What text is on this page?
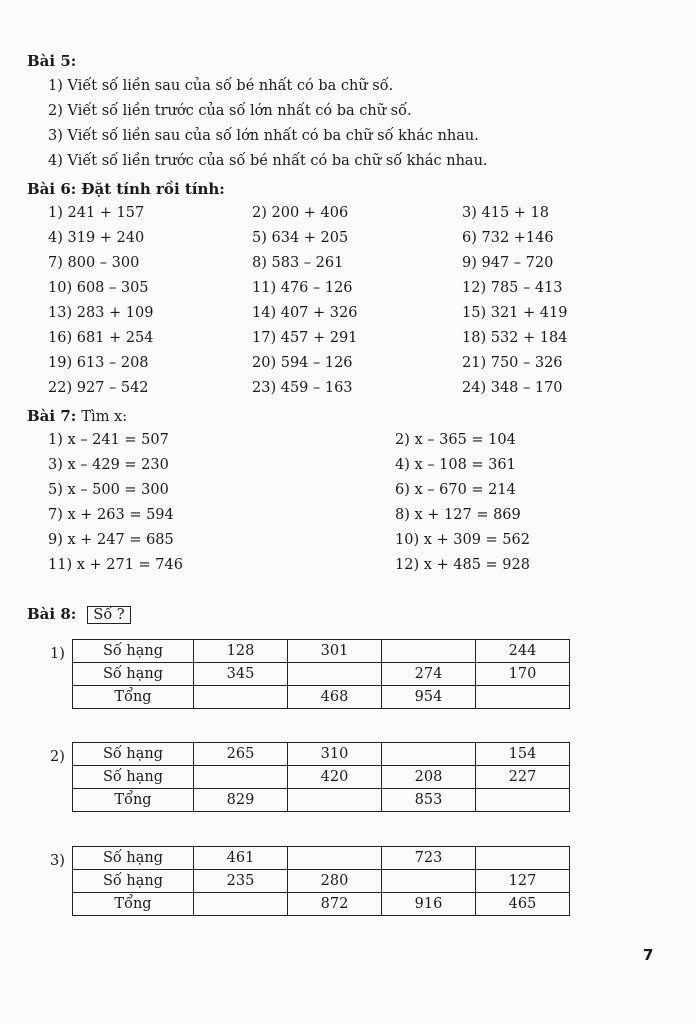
Bài 5:
1) Viết số liền sau của số bé nhất có ba chữ số.
2) Viết số liền trước của số lớn nhất có ba chữ số.
3) Viết số liền sau của số lớn nhất có ba chữ số khác nhau.
4) Viết số liền trước của số bé nhất có ba chữ số khác nhau.
Bài 6: Đặt tính rồi tính:
1) 241 + 157	2) 200 + 406	3) 415 + 18
4) 319 + 240	5) 634 + 205	6) 732 +146
7) 800 – 300	8) 583 – 261	9) 947 – 720
10) 608 – 305	11) 476 – 126	12) 785 – 413
13) 283 + 109	14) 407 + 326	15) 321 + 419
16) 681 + 254	17) 457 + 291	18) 532 + 184
19) 613 – 208	20) 594 – 126	21) 750 – 326
22) 927 – 542	23) 459 – 163	24) 348 – 170
Bài 7: Tìm x:
1) x – 241 = 507	2) x – 365 = 104
3) x – 429 = 230	4) x – 108 = 361
5) x – 500 = 300	6) x – 670 = 214
7) x + 263 = 594	8) x + 127 = 869
9) x + 247 = 685	10) x + 309 = 562
11) x + 271 = 746	12) x + 485 = 928
Bài 8: Số ?
1)	Số hạng	128	301		244
Số hạng	345		274	170
Tổng		468	954	
2)	Số hạng	265	310		154
Số hạng		420	208	227
Tổng	829		853	
3)	Số hạng	461		723	
Số hạng	235	280		127
Tổng		872	916	465
7
